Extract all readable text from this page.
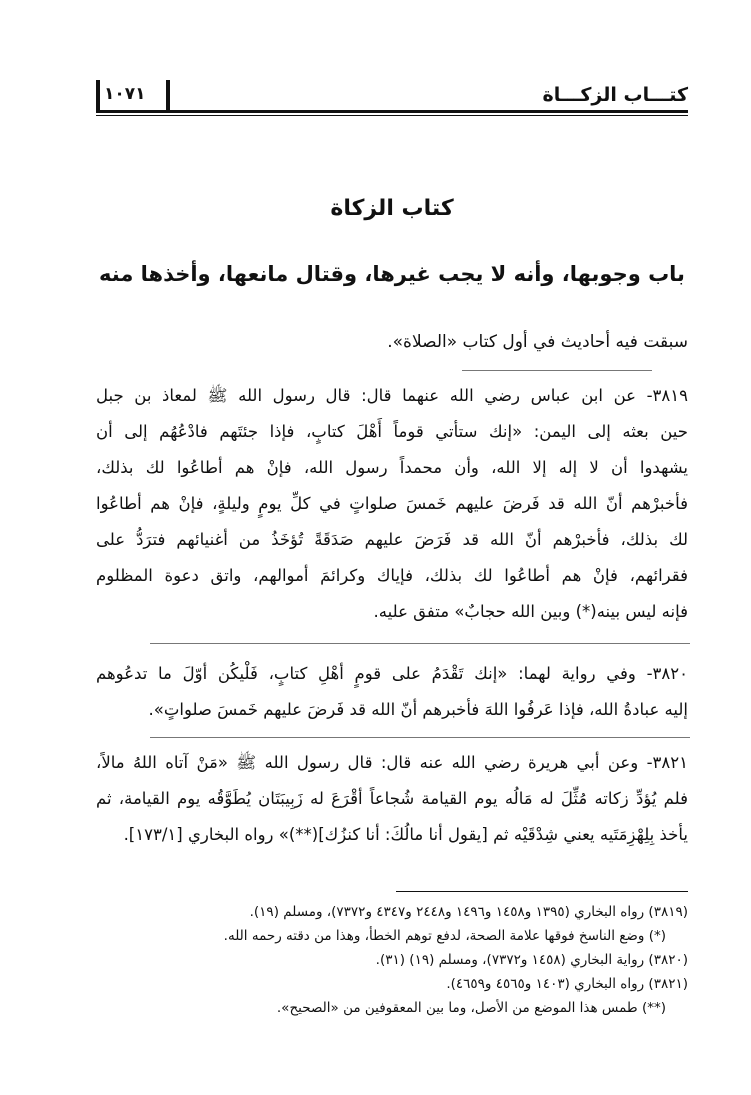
١٠٧١	كتـــاب الزكـــاة
كتاب الزكاة
باب وجوبها، وأنه لا يجب غيرها، وقتال مانعها، وأخذها منه
سبقت فيه أحاديث في أول كتاب «الصلاة».
٣٨١٩- عن ابن عباس رضي الله عنهما قال: قال رسول الله ﷺ لمعاذ بن جبل
حين بعثه إلى اليمن: «إنك ستأتي قوماً أَهْلَ كتابٍ، فإذا جئتَهم فادْعُهُم إلى أن
يشهدوا أن لا إله إلا الله، وأن محمداً رسول الله، فإنْ هم أطاعُوا لك بذلك،
فأخبرْهم أنّ الله قد فَرضَ عليهم خَمسَ صلواتٍ في كلِّ يومٍ وليلةٍ، فإنْ هم أطاعُوا
لك بذلك، فأخبرْهم أنّ الله قد فَرَضَ عليهم صَدَقَةً تُؤخَذُ من أغنيائهم فترَدُّ على
فقرائهم، فإنْ هم أطاعُوا لك بذلك، فإياك وكرائمَ أموالهم، واتق دعوة المظلوم
فإنه ليس بينه(*) وبين الله حجابٌ» متفق عليه.
٣٨٢٠- وفي رواية لهما: «إنك تَقْدَمُ على قومٍ أهْلِ كتابٍ، فَلْيكُن أوّلَ ما تدعُوهم
إليه عبادةُ الله، فإذا عَرفُوا اللهَ فأخبرهم أنّ الله قد فَرضَ عليهم خَمسَ صلواتٍ».
٣٨٢١- وعن أبي هريرة رضي الله عنه قال: قال رسول الله ﷺ «مَنْ آتاه اللهُ مالاً،
فلم يُؤدِّ زكاته مُثِّلَ له مَالُه يوم القيامة شُجاعاً أقْرَعَ له زَبِيبَتَان يُطَوَّقُه يوم القيامة، ثم
يأخذ بِلِهْزِمَتَيه يعني شِدْقَيْه ثم [يقول أنا مالُكَ: أنا كنزُك](**)» رواه البخاري [١٧٣/١].
(٣٨١٩) رواه البخاري (١٣٩٥ و١٤٥٨ و١٤٩٦ و٢٤٤٨ و٤٣٤٧ و٧٣٧٢)، ومسلم (١٩).
(*) وضع الناسخ فوقها علامة الصحة، لدفع توهم الخطأ، وهذا من دقته رحمه الله.
(٣٨٢٠) رواية البخاري (١٤٥٨ و٧٣٧٢)، ومسلم (١٩) (٣١).
(٣٨٢١) رواه البخاري (١٤٠٣ و٤٥٦٥ و٤٦٥٩).
(**) طمس هذا الموضع من الأصل، وما بين المعقوفين من «الصحيح».
